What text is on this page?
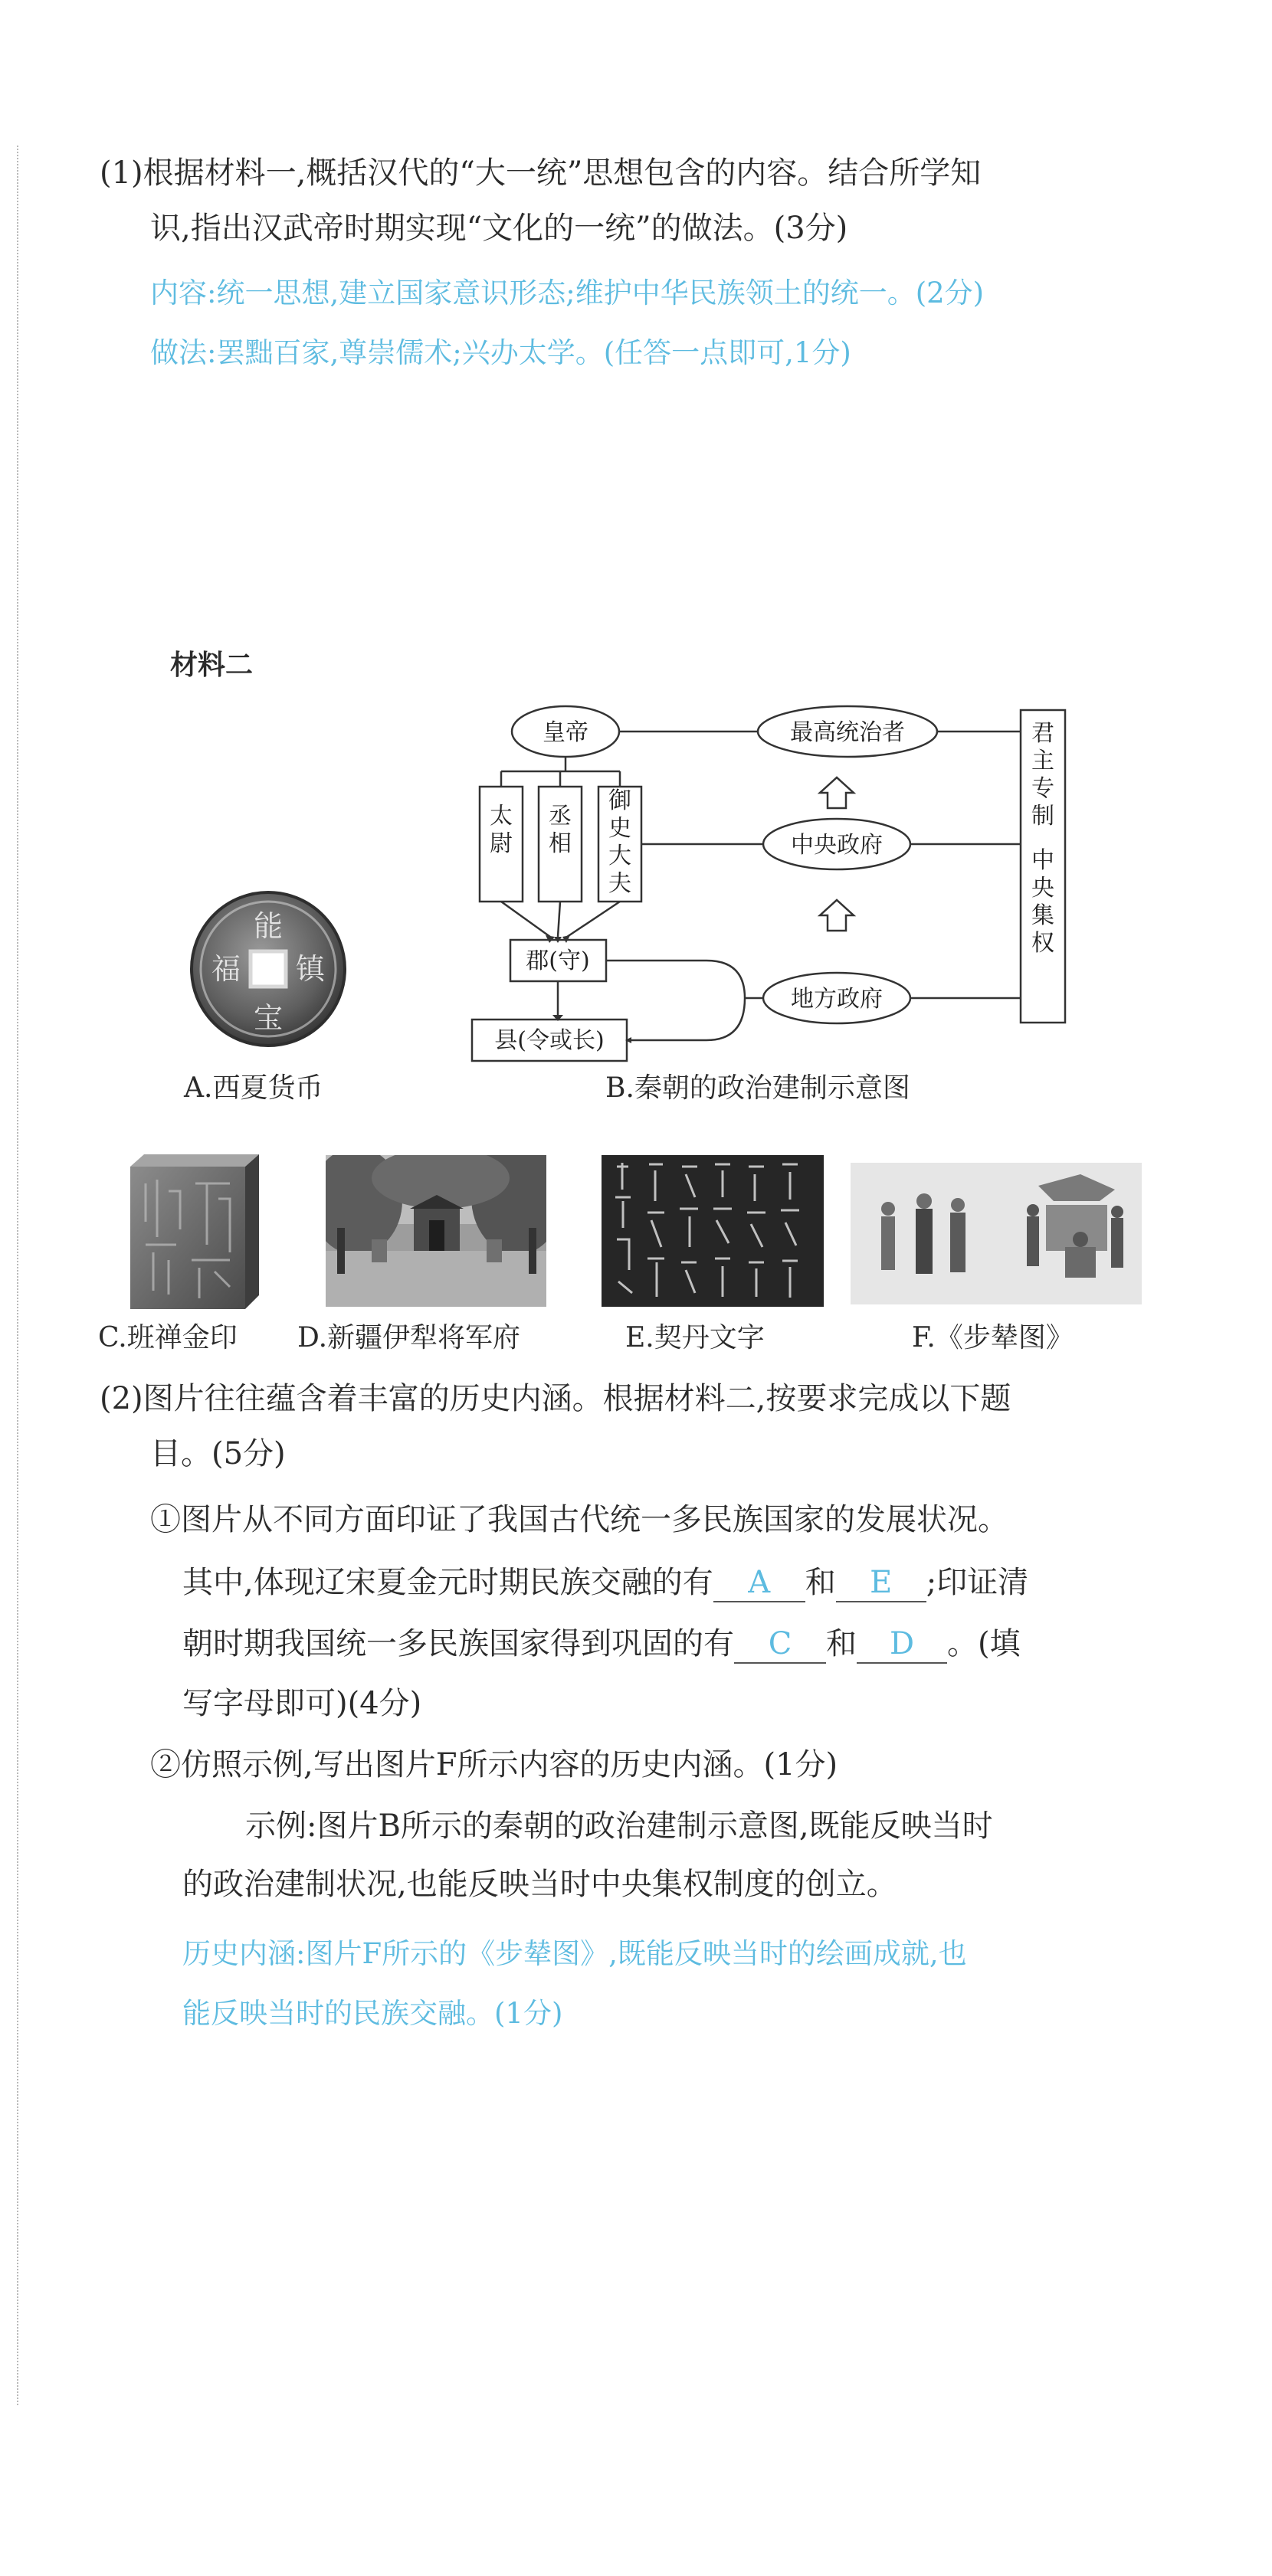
(1)根据材料一,概括汉代的“大一统”思想包含的内容。结合所学知
识,指出汉武帝时期实现“文化的一统”的做法。(3分)
内容:统一思想,建立国家意识形态;维护中华民族领土的统一。(2分)
做法:罢黜百家,尊崇儒术;兴办太学。(任答一点即可,1分)
材料二
能
福 镇
宝
皇帝	最高统治者
中央政府
地方政府
郡(守)
县(令或长)
太尉
丞相
御史大夫
君主专制中央集权
A.西夏货币	B.秦朝的政治建制示意图
C.班禅金印 D.新疆伊犁将军府	E.契丹文字	F.《步辇图》
(2)图片往往蕴含着丰富的历史内涵。根据材料二,按要求完成以下题
目。(5分)
①图片从不同方面印证了我国古代统一多民族国家的发展状况。
其中,体现辽宋夏金元时期民族交融的有 A 和 E ;印证清
朝时期我国统一多民族国家得到巩固的有 C 和 D 。(填
写字母即可)(4分)
②仿照示例,写出图片F所示内容的历史内涵。(1分)
示例:图片B所示的秦朝的政治建制示意图,既能反映当时
的政治建制状况,也能反映当时中央集权制度的创立。
历史内涵:图片F所示的《步辇图》,既能反映当时的绘画成就,也
能反映当时的民族交融。(1分)
